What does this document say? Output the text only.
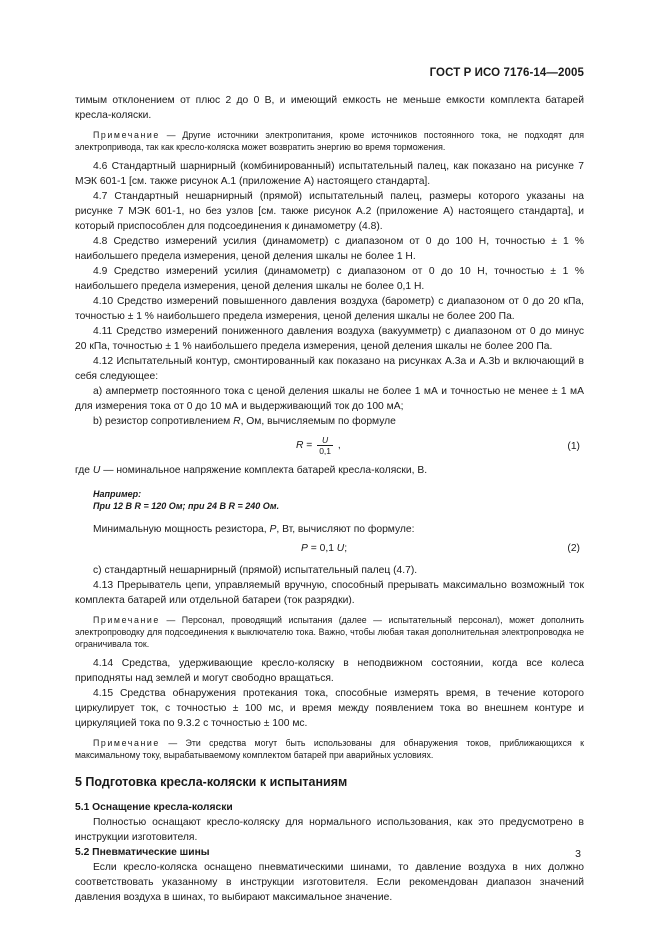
ГОСТ Р ИСО 7176-14—2005

тимым отклонением от плюс 2 до 0 В, и имеющий емкость не меньше емкости комплекта батарей кресла-коляски.

Примечание — Другие источники электропитания, кроме источников постоянного тока, не подходят для электропривода, так как кресло-коляска может возвратить энергию во время торможения.

4.6 Стандартный шарнирный (комбинированный) испытательный палец, как показано на рисунке 7 МЭК 601-1 [см. также рисунок А.1 (приложение А) настоящего стандарта].

4.7 Стандартный нешарнирный (прямой) испытательный палец, размеры которого указаны на рисунке 7 МЭК 601-1, но без узлов [см. также рисунок А.2 (приложение А) настоящего стандарта], и который приспособлен для подсоединения к динамометру (4.8).

4.8 Средство измерений усилия (динамометр) с диапазоном от 0 до 100 Н, точностью ± 1 % наибольшего предела измерения, ценой деления шкалы не более 1 Н.

4.9 Средство измерений усилия (динамометр) с диапазоном от 0 до 10 Н, точностью ± 1 % наибольшего предела измерения, ценой деления шкалы не более 0,1 Н.

4.10 Средство измерений повышенного давления воздуха (барометр) с диапазоном от 0 до 20 кПа, точностью ± 1 % наибольшего предела измерения, ценой деления шкалы не более 200 Па.

4.11 Средство измерений пониженного давления воздуха (вакуумметр) с диапазоном от 0 до минус 20 кПа, точностью ± 1 % наибольшего предела измерения, ценой деления шкалы не более 200 Па.

4.12 Испытательный контур, смонтированный как показано на рисунках А.3а и А.3b и включающий в себя следующее:

a) амперметр постоянного тока с ценой деления шкалы не более 1 мА и точностью не менее ± 1 мА для измерения тока от 0 до 10 мА и выдерживающий ток до 100 мА;

b) резистор сопротивлением R, Ом, вычисляемым по формуле

$R = \frac{U}{0,1}$ ,	(1)

где U — номинальное напряжение комплекта батарей кресла-коляски, В.

Например:

При 12 В R = 120 Ом; при 24 В R = 240 Ом.

Минимальную мощность резистора, P, Вт, вычисляют по формуле:

P = 0,1 U;	(2)

c) стандартный нешарнирный (прямой) испытательный палец (4.7).

4.13 Прерыватель цепи, управляемый вручную, способный прерывать максимально возможный ток комплекта батарей или отдельной батареи (ток разрядки).

Примечание — Персонал, проводящий испытания (далее — испытательный персонал), может дополнить электропроводку для подсоединения к выключателю тока. Важно, чтобы любая такая дополнительная электропроводка не ограничивала ток.

4.14 Средства, удерживающие кресло-коляску в неподвижном состоянии, когда все колеса приподняты над землей и могут свободно вращаться.

4.15 Средства обнаружения протекания тока, способные измерять время, в течение которого циркулирует ток, с точностью ± 100 мс, и время между появлением тока во внешнем контуре и циркуляцией тока по 9.3.2 с точностью ± 100 мс.

Примечание — Эти средства могут быть использованы для обнаружения токов, приближающихся к максимальному току, вырабатываемому комплектом батарей при аварийных условиях.

5 Подготовка кресла-коляски к испытаниям

5.1 Оснащение кресла-коляски

Полностью оснащают кресло-коляску для нормального использования, как это предусмотрено в инструкции изготовителя.

5.2 Пневматические шины

Если кресло-коляска оснащено пневматическими шинами, то давление воздуха в них должно соответствовать указанному в инструкции изготовителя. Если рекомендован диапазон значений давления воздуха в шинах, то выбирают максимальное значение.

3
